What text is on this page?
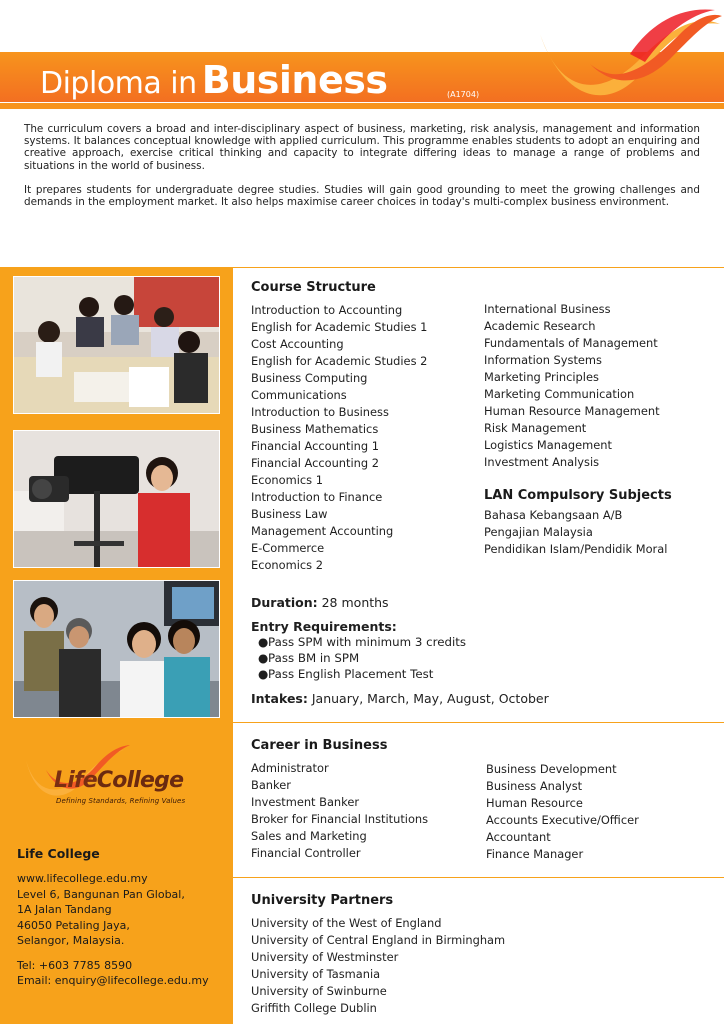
Diploma in Business	(A1704)

The curriculum covers a broad and inter-disciplinary aspect of business, marketing, risk analysis, management and information systems. It balances conceptual knowledge with applied curriculum. This programme enables students to adopt an enquiring and creative approach, exercise critical thinking and capacity to integrate differing ideas to manage a range of problems and situations in the world of business.

It prepares students for undergraduate degree studies. Studies will gain good grounding to meet the growing challenges and demands in the employment market. It also helps maximise career choices in today's multi-complex business environment.

LifeCollege
Defining Standards, Refining Values
Life College
www.lifecollege.edu.my
Level 6, Bangunan Pan Global,
1A Jalan Tandang
46050 Petaling Jaya,
Selangor, Malaysia.
Tel: +603 7785 8590
Email: enquiry@lifecollege.edu.my
Course Structure
Introduction to Accounting
English for Academic Studies 1
Cost Accounting
English for Academic Studies 2
Business Computing
Communications
Introduction to Business
Business Mathematics
Financial Accounting 1
Financial Accounting 2
Economics 1
Introduction to Finance
Business Law
Management Accounting
E-Commerce
Economics 2
International Business
Academic Research
Fundamentals of Management
Information Systems
Marketing Principles
Marketing Communication
Human Resource Management
Risk Management
Logistics Management
Investment Analysis
LAN Compulsory Subjects
Bahasa Kebangsaan A/B
Pengajian Malaysia
Pendidikan Islam/Pendidik Moral
Duration: 28 months
Entry Requirements:
●Pass SPM with minimum 3 credits
●Pass BM in SPM
●Pass English Placement Test
Intakes: January, March, May, August, October
Career in Business
Administrator
Banker
Investment Banker
Broker for Financial Institutions
Sales and Marketing
Financial Controller
Business Development
Business Analyst
Human Resource
Accounts Executive/Officer
Accountant
Finance Manager
University Partners
University of the West of England
University of Central England in Birmingham
University of Westminster
University of Tasmania
University of Swinburne
Griffith College Dublin
